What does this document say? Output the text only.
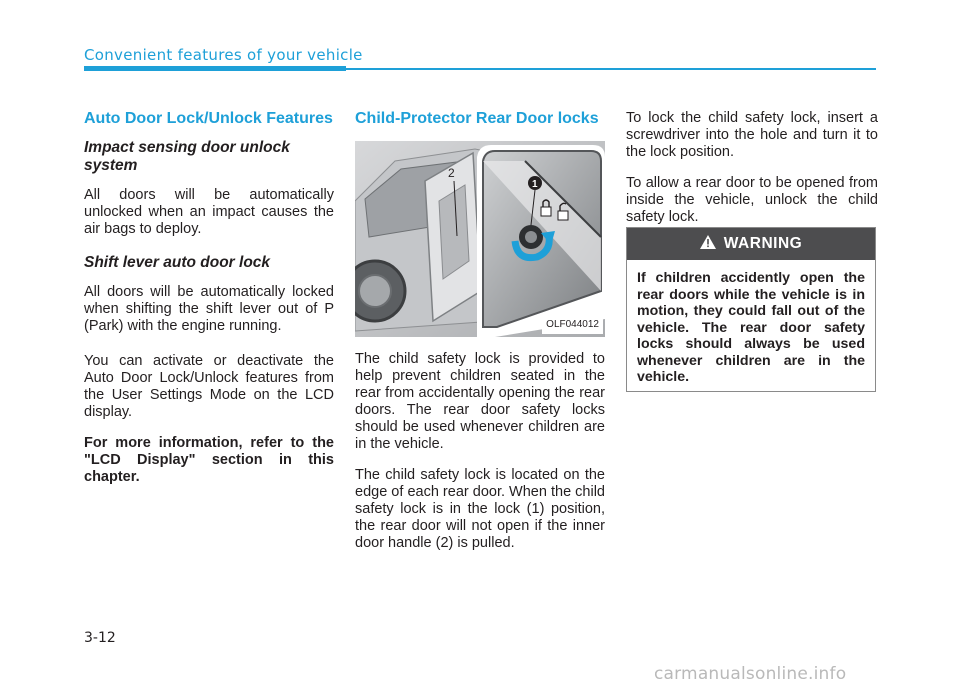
Convenient features of your vehicle
Auto Door Lock/Unlock Features
Impact sensing door unlock system

All doors will be automatically unlocked when an impact causes the air bags to deploy.

Shift lever auto door lock

All doors will be automatically locked when shifting the shift lever out of P (Park) with the engine running.

You can activate or deactivate the Auto Door Lock/Unlock features from the User Settings Mode on the LCD display.

For more information, refer to the "LCD Display" section in this chapter.

Child-Protector Rear Door locks
2
1
OLF044012

The child safety lock is provided to help prevent children seated in the rear from accidentally opening the rear doors. The rear door safety locks should be used whenever children are in the vehicle.

The child safety lock is located on the edge of each rear door. When the child safety lock is in the lock (1) position, the rear door will not open if the inner door handle (2) is pulled.

To lock the child safety lock, insert a screwdriver into the hole and turn it to the lock position.

To allow a rear door to be opened from inside the vehicle, unlock the child safety lock.

WARNING
If children accidently open the rear doors while the vehicle is in motion, they could fall out of the vehicle. The rear door safety locks should always be used whenever children are in the vehicle.
3-12
carmanualsonline.info
